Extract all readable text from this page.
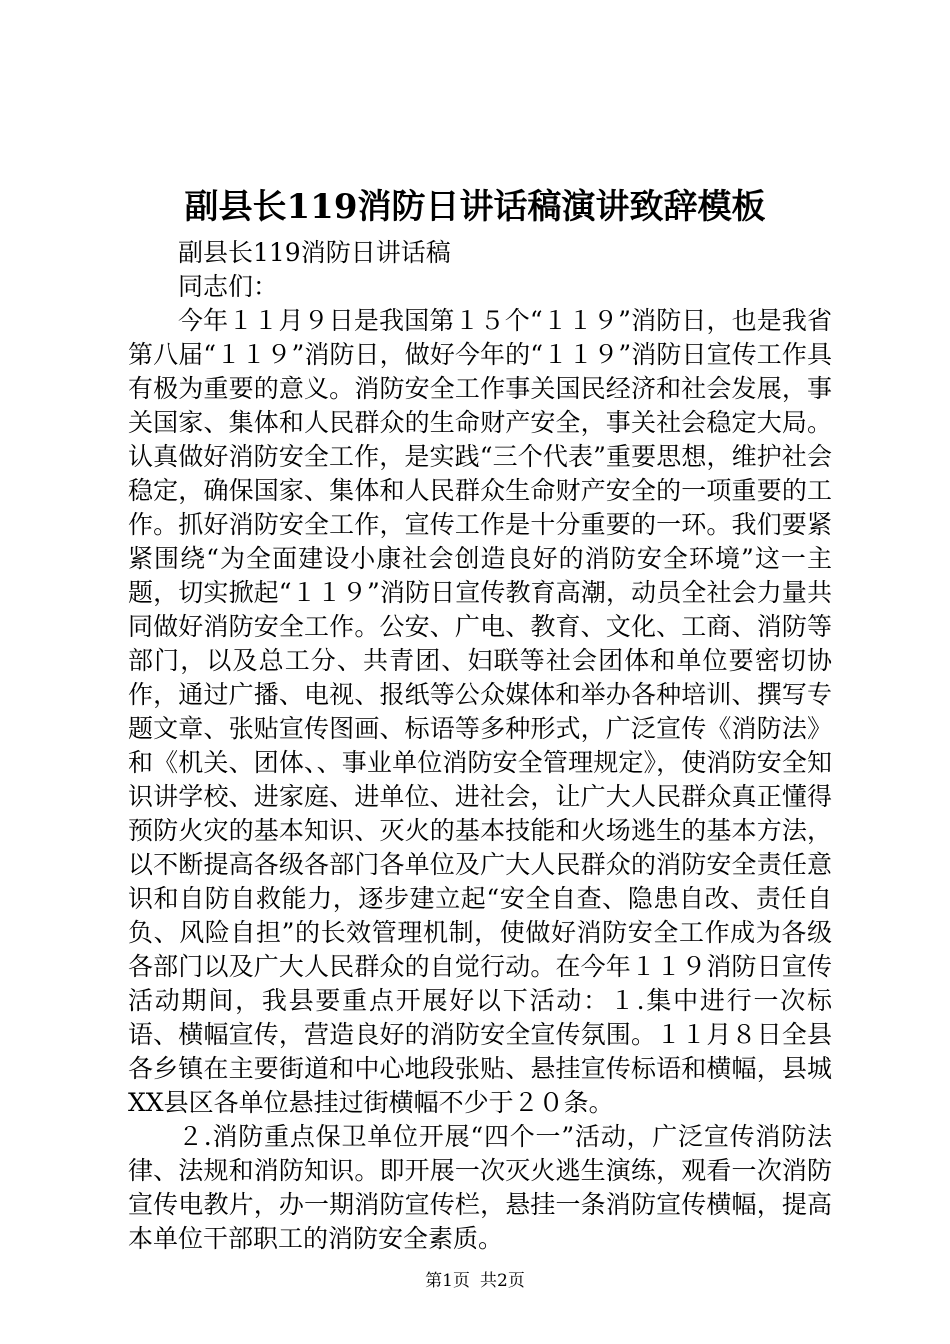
副县长119消防日讲话稿演讲致辞模板

副县长119消防日讲话稿

同志们：

今年１１月９日是我国第１５个“１１９”消防日，也是我省第八届“１１９”消防日，做好今年的“１１９”消防日宣传工作具有极为重要的意义。消防安全工作事关国民经济和社会发展，事关国家、集体和人民群众的生命财产安全，事关社会稳定大局。认真做好消防安全工作，是实践“三个代表”重要思想，维护社会稳定，确保国家、集体和人民群众生命财产安全的一项重要的工作。抓好消防安全工作，宣传工作是十分重要的一环。我们要紧紧围绕“为全面建设小康社会创造良好的消防安全环境”这一主题，切实掀起“１１９”消防日宣传教育高潮，动员全社会力量共同做好消防安全工作。公安、广电、教育、文化、工商、消防等部门，以及总工分、共青团、妇联等社会团体和单位要密切协作，通过广播、电视、报纸等公众媒体和举办各种培训、撰写专题文章、张贴宣传图画、标语等多种形式，广泛宣传《消防法》和《机关、团体、、事业单位消防安全管理规定》，使消防安全知识讲学校、进家庭、进单位、进社会，让广大人民群众真正懂得预防火灾的基本知识、灭火的基本技能和火场逃生的基本方法，以不断提高各级各部门各单位及广大人民群众的消防安全责任意识和自防自救能力，逐步建立起“安全自查、隐患自改、责任自负、风险自担”的长效管理机制，使做好消防安全工作成为各级各部门以及广大人民群众的自觉行动。在今年１１９消防日宣传活动期间，我县要重点开展好以下活动：１.集中进行一次标语、横幅宣传，营造良好的消防安全宣传氛围。１１月８日全县各乡镇在主要街道和中心地段张贴、悬挂宣传标语和横幅，县城XX县区各单位悬挂过街横幅不少于２０条。

２.消防重点保卫单位开展“四个一”活动，广泛宣传消防法律、法规和消防知识。即开展一次灭火逃生演练，观看一次消防宣传电教片，办一期消防宣传栏，悬挂一条消防宣传横幅，提高本单位干部职工的消防安全素质。

第1页 共2页
